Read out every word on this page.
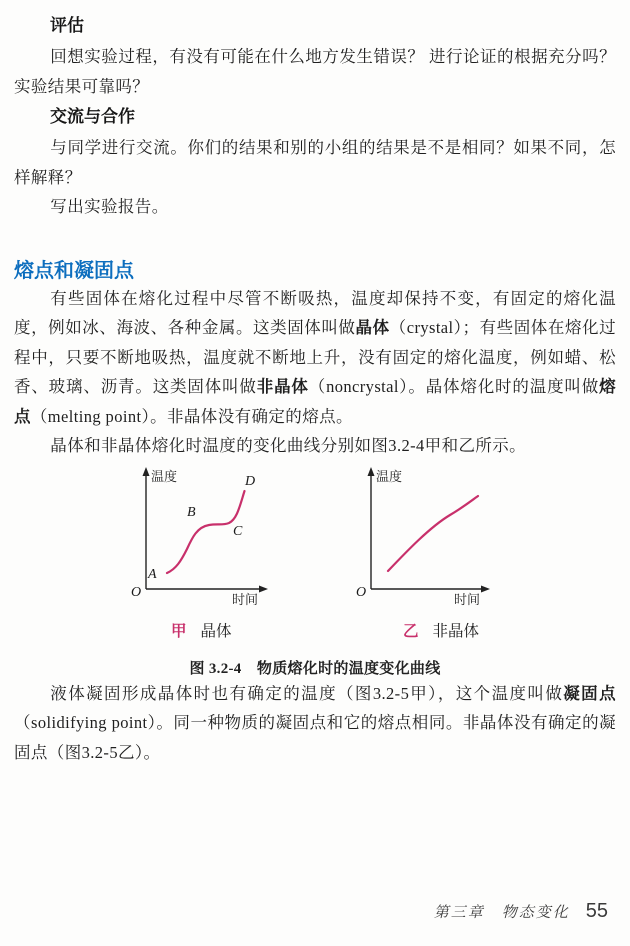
评估

回想实验过程，有没有可能在什么地方发生错误？ 进行论证的根据充分吗？实验结果可靠吗？

交流与合作

与同学进行交流。你们的结果和别的小组的结果是不是相同？如果不同，怎样解释？

写出实验报告。

熔点和凝固点

有些固体在熔化过程中尽管不断吸热，温度却保持不变，有固定的熔化温度，例如冰、海波、各种金属。这类固体叫做晶体（crystal）；有些固体在熔化过程中，只要不断地吸热，温度就不断地上升，没有固定的熔化温度，例如蜡、松香、玻璃、沥青。这类固体叫做非晶体（noncrystal）。晶体熔化时的温度叫做熔点（melting point）。非晶体没有确定的熔点。

晶体和非晶体熔化时温度的变化曲线分别如图3.2-4甲和乙所示。

温度
时间
O
A
B
C
D	温度
时间
O
甲 晶体	乙 非晶体
图 3.2-4　物质熔化时的温度变化曲线

液体凝固形成晶体时也有确定的温度（图3.2-5甲），这个温度叫做凝固点（solidifying point）。同一种物质的凝固点和它的熔点相同。非晶体没有确定的凝固点（图3.2-5乙）。

第三章　物态变化 55
